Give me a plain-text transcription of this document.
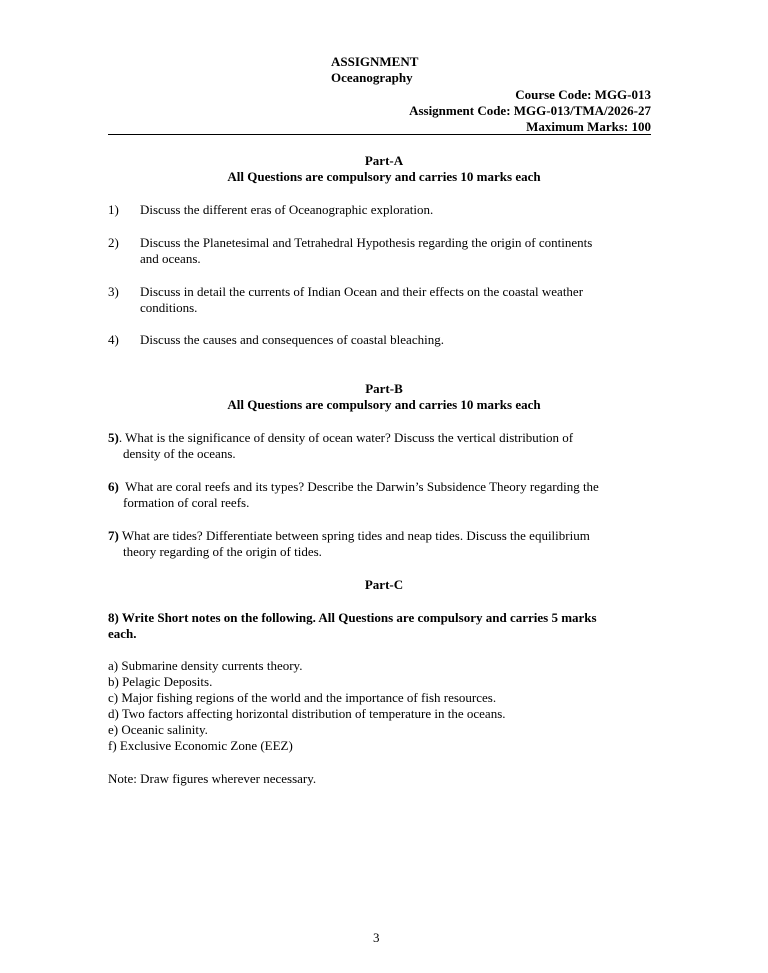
ASSIGNMENT
Oceanography
Course Code: MGG-013
Assignment Code: MGG-013/TMA/2026-27
Maximum Marks: 100
Part-A
All Questions are compulsory and carries 10 marks each
1) Discuss the different eras of Oceanographic exploration.
2) Discuss the Planetesimal and Tetrahedral Hypothesis regarding the origin of continents
and oceans.
3) Discuss in detail the currents of Indian Ocean and their effects on the coastal weather
conditions.
4) Discuss the causes and consequences of coastal bleaching.
Part-B
All Questions are compulsory and carries 10 marks each
5). What is the significance of density of ocean water? Discuss the vertical distribution of
density of the oceans.
6)  What are coral reefs and its types? Describe the Darwin’s Subsidence Theory regarding the
formation of coral reefs.
7) What are tides? Differentiate between spring tides and neap tides. Discuss the equilibrium
theory regarding of the origin of tides.
Part-C
8) Write Short notes on the following. All Questions are compulsory and carries 5 marks
each.
a) Submarine density currents theory.
b) Pelagic Deposits.
c) Major fishing regions of the world and the importance of fish resources.
d) Two factors affecting horizontal distribution of temperature in the oceans.
e) Oceanic salinity.
f) Exclusive Economic Zone (EEZ)
Note: Draw figures wherever necessary.
3
